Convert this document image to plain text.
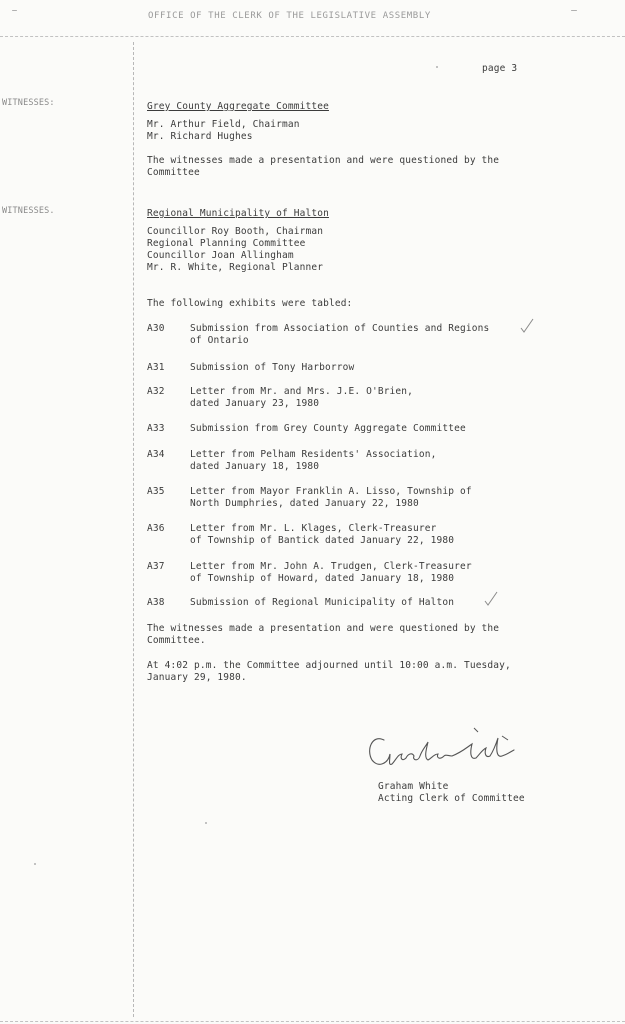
OFFICE OF THE CLERK OF THE LEGISLATIVE ASSEMBLY
page 3
WITNESSES:	Grey County Aggregate Committee
Mr. Arthur Field, Chairman
Mr. Richard Hughes
The witnesses made a presentation and were questioned by the
Committee
WITNESSES.	Regional Municipality of Halton
Councillor Roy Booth, Chairman
Regional Planning Committee
Councillor Joan Allingham
Mr. R. White, Regional Planner
The following exhibits were tabled:
A30	Submission from Association of Counties and Regions
of Ontario
A31	Submission of Tony Harborrow
A32	Letter from Mr. and Mrs. J.E. O'Brien,
dated January 23, 1980
A33	Submission from Grey County Aggregate Committee
A34	Letter from Pelham Residents' Association,
dated January 18, 1980
A35	Letter from Mayor Franklin A. Lisso, Township of
North Dumphries, dated January 22, 1980
A36	Letter from Mr. L. Klages, Clerk-Treasurer
of Township of Bantick dated January 22, 1980
A37	Letter from Mr. John A. Trudgen, Clerk-Treasurer
of Township of Howard, dated January 18, 1980
A38	Submission of Regional Municipality of Halton
The witnesses made a presentation and were questioned by the
Committee.
At 4:02 p.m. the Committee adjourned until 10:00 a.m. Tuesday,
January 29, 1980.
Graham White
Acting Clerk of Committee
